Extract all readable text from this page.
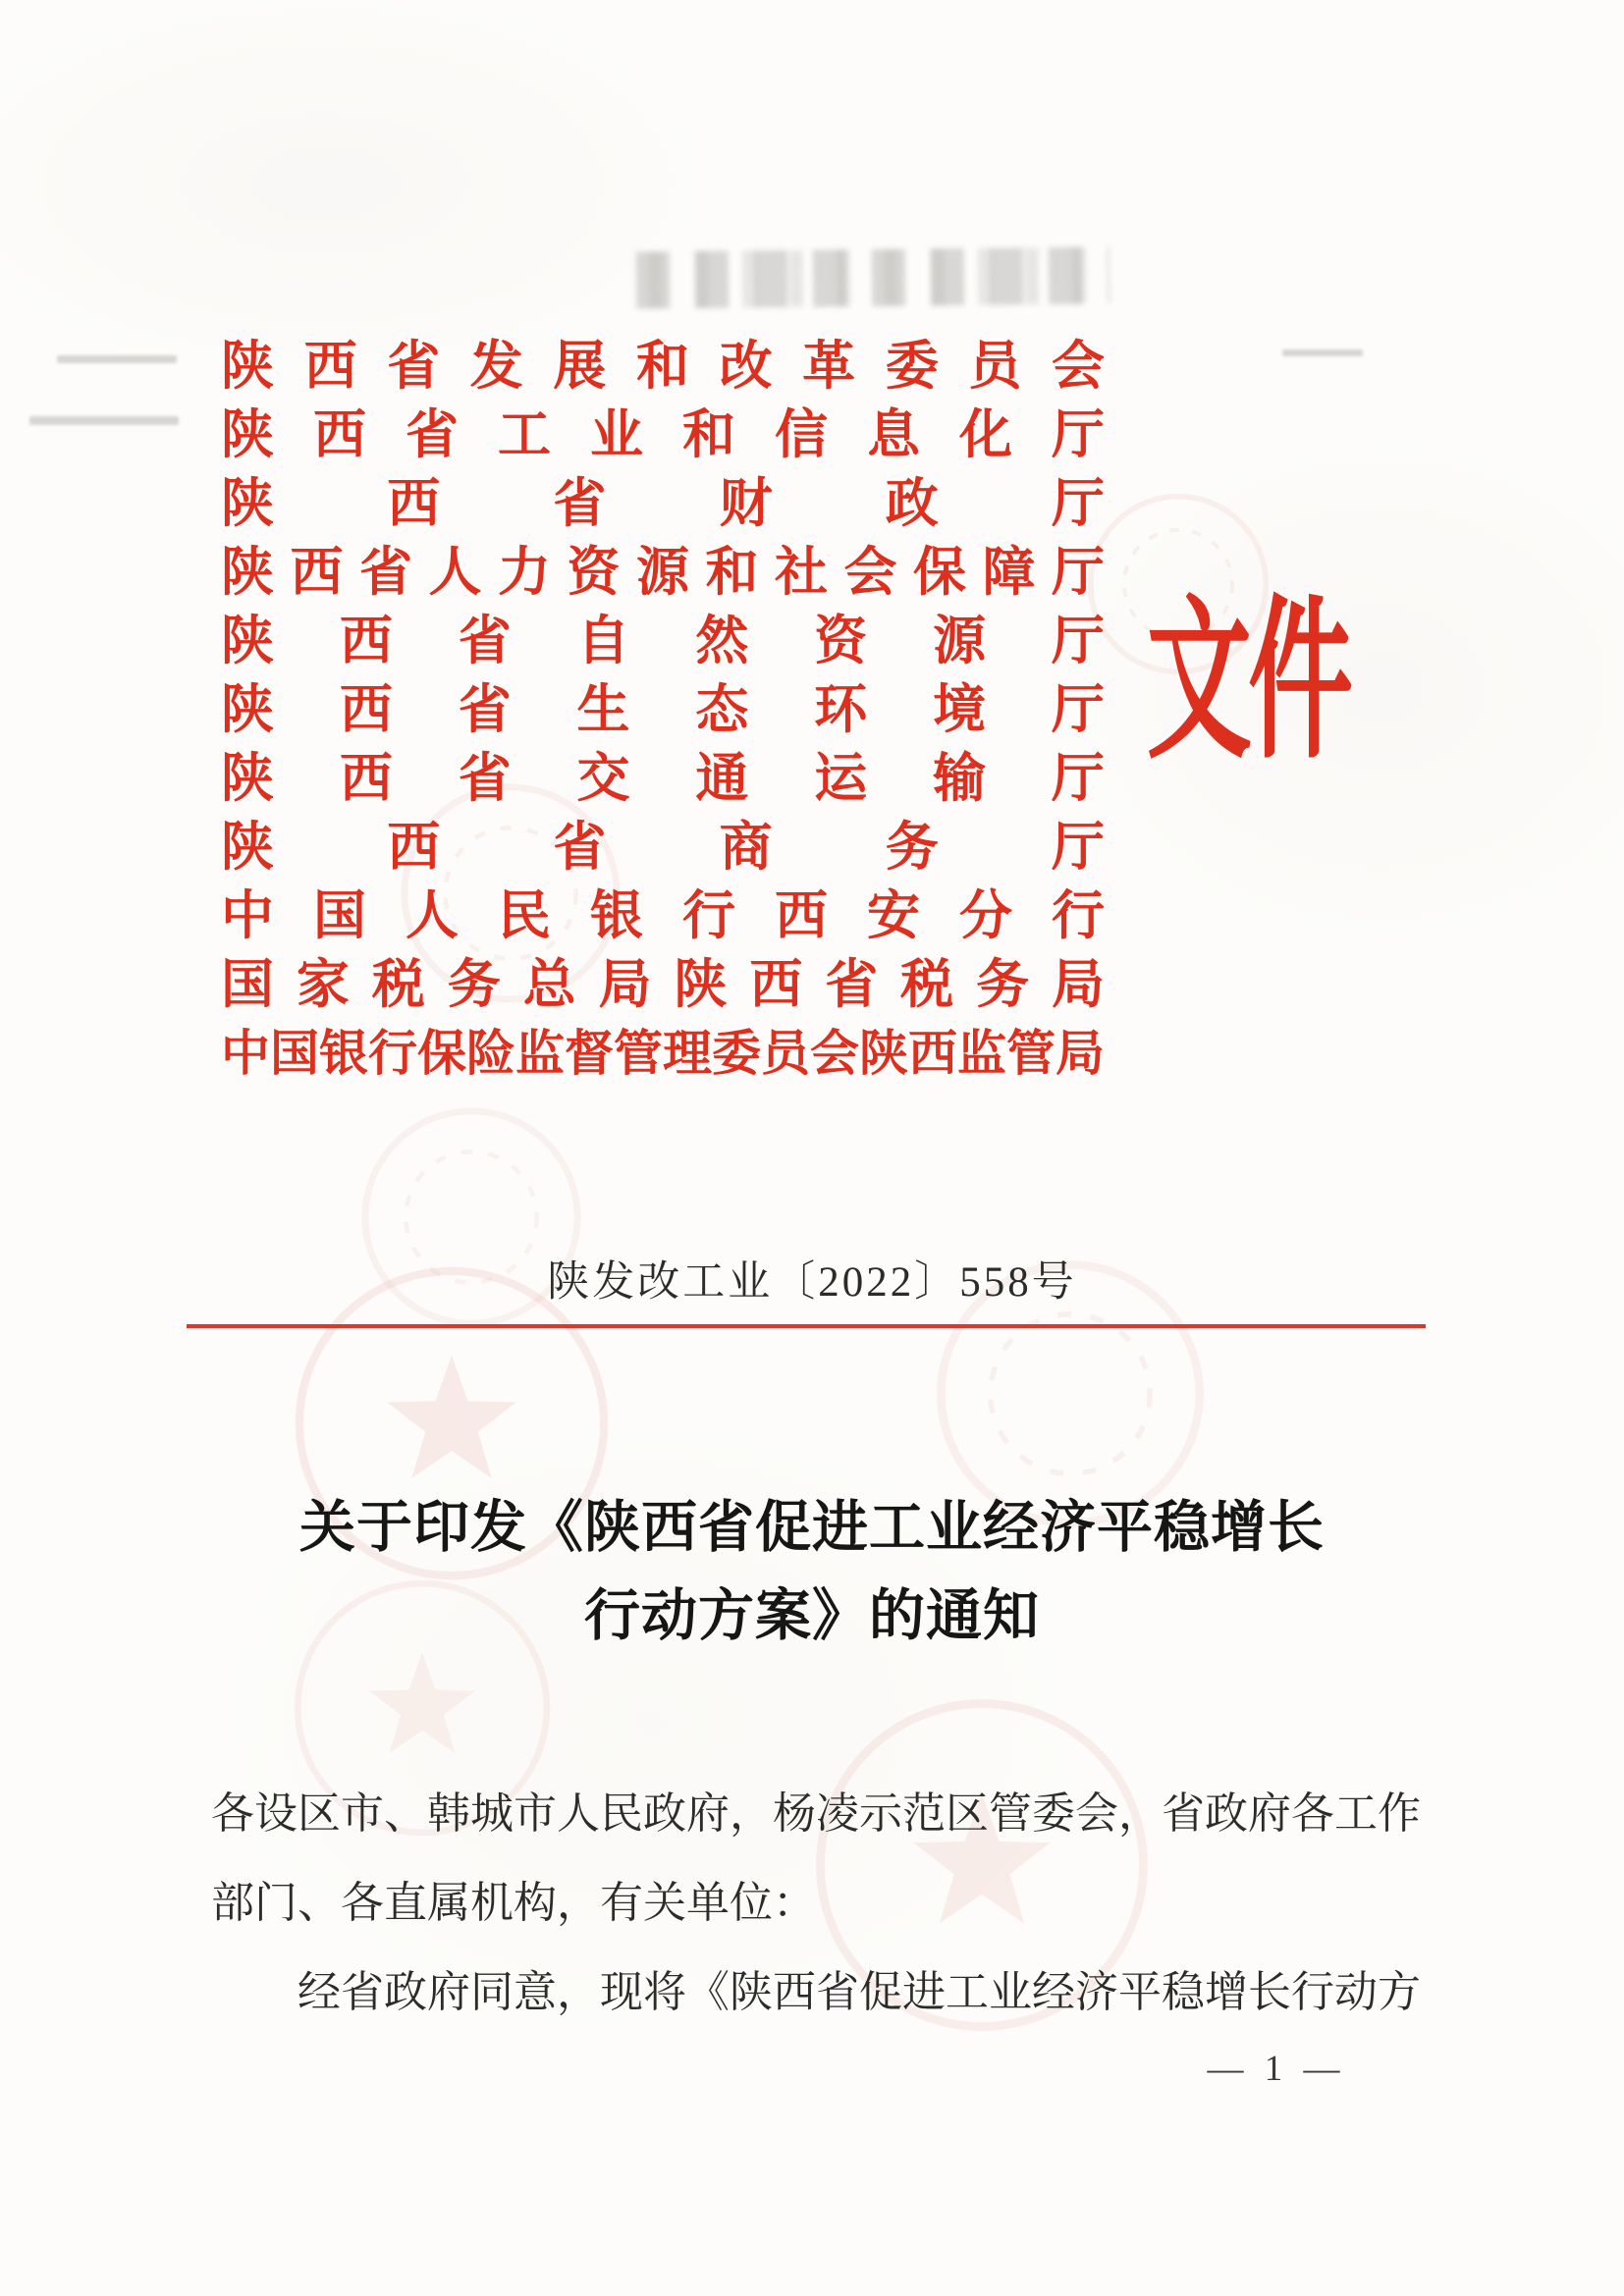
陕 西 省 发 展 和 改 革 委 员 会
陕 西 省 工 业 和 信 息 化 厅
陕 西 省 财 政 厅
陕 西 省 人 力 资 源 和 社 会 保 障 厅
陕 西 省 自 然 资 源 厅
陕 西 省 生 态 环 境 厅
陕 西 省 交 通 运 输 厅
陕 西 省 商 务 厅
中 国 人 民 银 行 西 安 分 行
国 家 税 务 总 局 陕 西 省 税 务 局
中 国 银 行 保 险 监 督 管 理 委 员 会 陕 西 监 管 局
文件
陕发改工业〔2022〕558号
关于印发《陕西省促进工业经济平稳增长
行动方案》的通知

各设区市、韩城市人民政府，杨凌示范区管委会，省政府各工作

部门、各直属机构，有关单位：

经省政府同意，现将《陕西省促进工业经济平稳增长行动方

— 1 —
